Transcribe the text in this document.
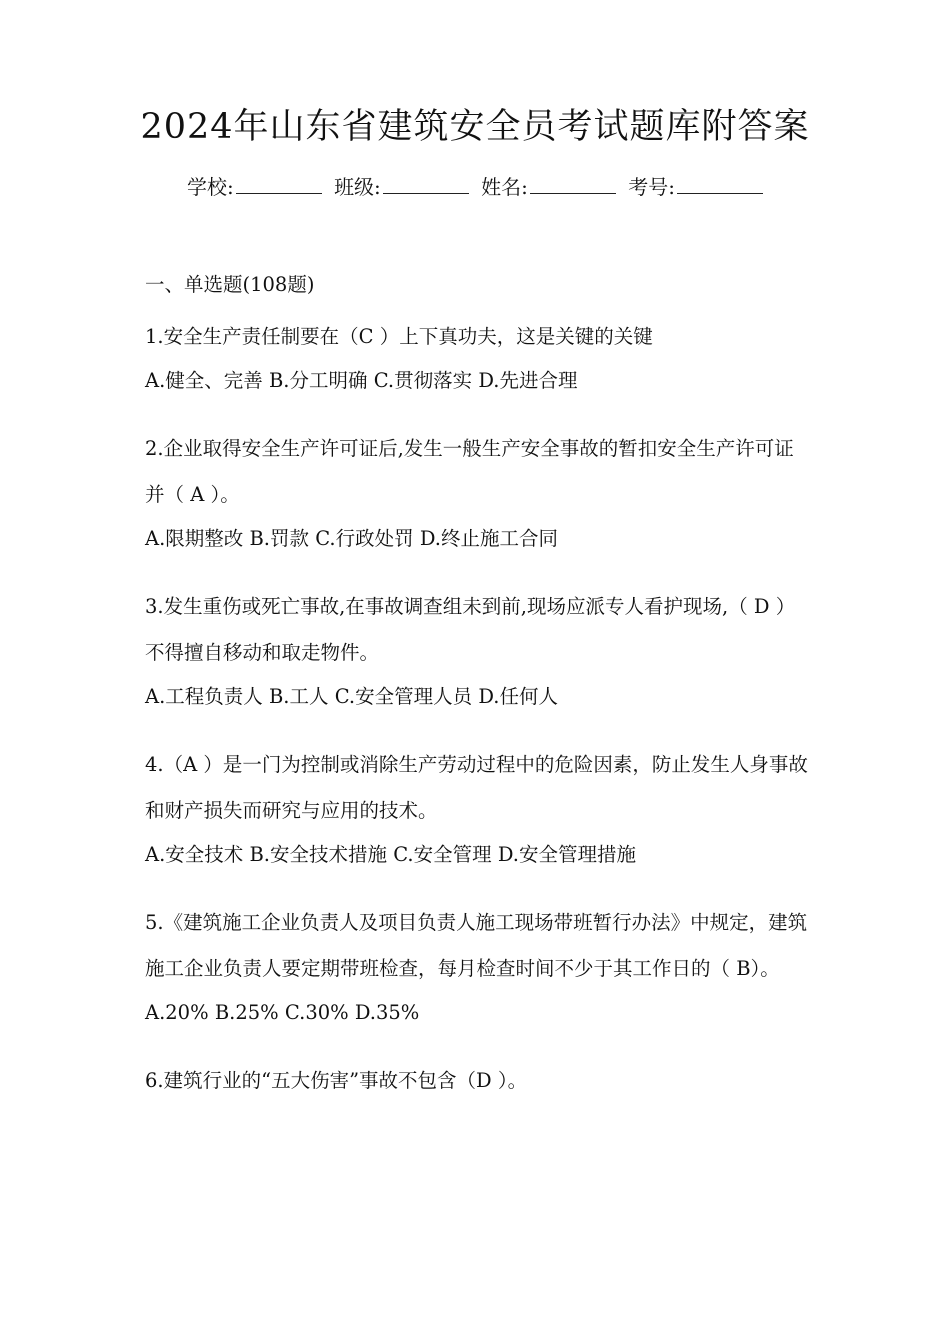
2024年山东省建筑安全员考试题库附答案
学校:	班级:	姓名:	考号:

一、单选题(108题)

1.安全生产责任制要在（C ）上下真功夫，这是关键的关键

A.健全、完善 B.分工明确 C.贯彻落实 D.先进合理

2.企业取得安全生产许可证后,发生一般生产安全事故的暂扣安全生产许可证并（ A ）。

A.限期整改 B.罚款 C.行政处罚 D.终止施工合同

3.发生重伤或死亡事故,在事故调查组未到前,现场应派专人看护现场,（ D ）不得擅自移动和取走物件。

A.工程负责人 B.工人 C.安全管理人员 D.任何人

4.（A ）是一门为控制或消除生产劳动过程中的危险因素，防止发生人身事故和财产损失而研究与应用的技术。

A.安全技术 B.安全技术措施 C.安全管理 D.安全管理措施

5.《建筑施工企业负责人及项目负责人施工现场带班暂行办法》中规定，建筑施工企业负责人要定期带班检查，每月检查时间不少于其工作日的（ B）。

A.20% B.25% C.30% D.35%

6.建筑行业的“五大伤害”事故不包含（D ）。
